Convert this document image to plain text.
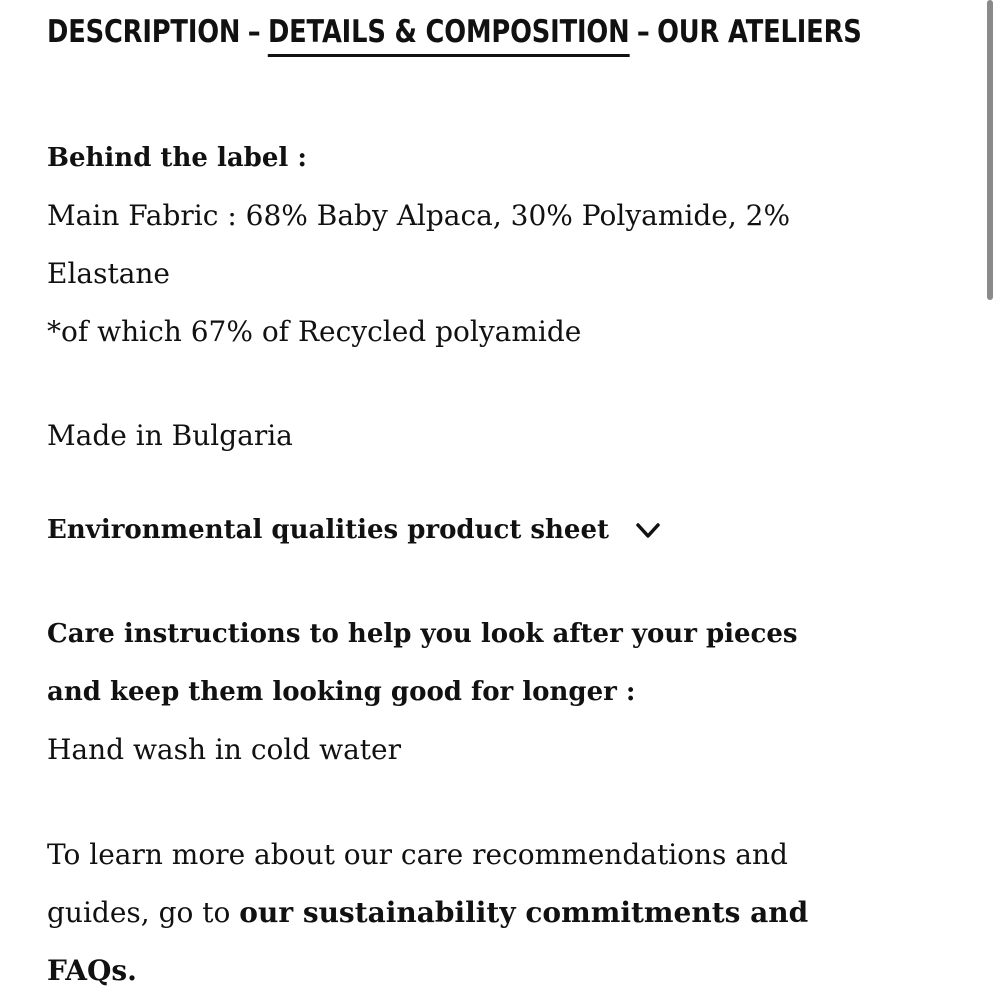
DESCRIPTION – DETAILS & COMPOSITION – OUR ATELIERS
Behind the label :
Main Fabric : 68% Baby Alpaca, 30% Polyamide, 2%
Elastane
*of which 67% of Recycled polyamide
Made in Bulgaria
Environmental qualities product sheet
Care instructions to help you look after your pieces
and keep them looking good for longer :
Hand wash in cold water
To learn more about our care recommendations and
guides, go to our sustainability commitments and
FAQs.
